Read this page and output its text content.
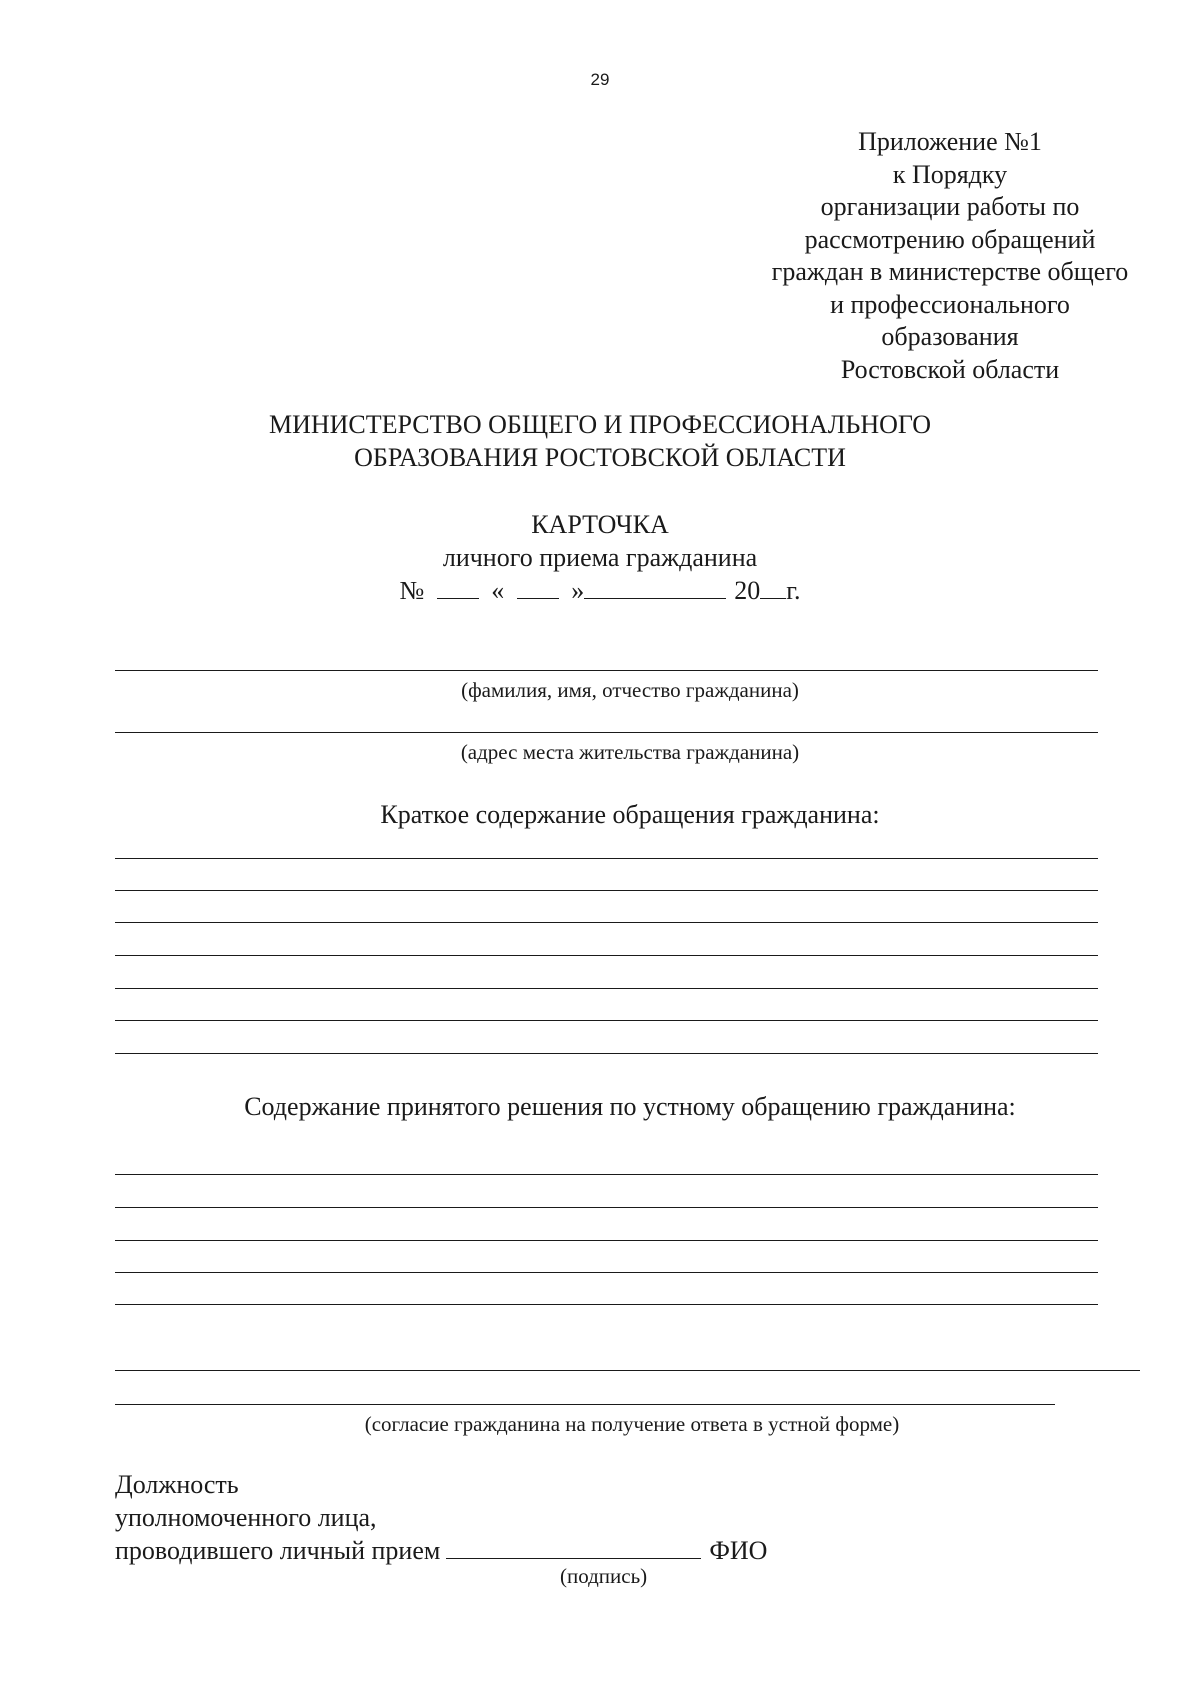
29
Приложение №1
к Порядку
организации работы по
рассмотрению обращений
граждан в министерстве общего
и профессионального
образования
Ростовской области
МИНИСТЕРСТВО ОБЩЕГО И ПРОФЕССИОНАЛЬНОГО
ОБРАЗОВАНИЯ РОСТОВСКОЙ ОБЛАСТИ
КАРТОЧКА
личного приема гражданина
№	«	»	20 г.
(фамилия, имя, отчество гражданина)
(адрес места жительства гражданина)
Краткое содержание обращения гражданина:
Содержание принятого решения по устному обращению гражданина:
(согласие гражданина на получение ответа в устной форме)
Должность
уполномоченного лица,
проводившего личный прием	ФИО
(подпись)
